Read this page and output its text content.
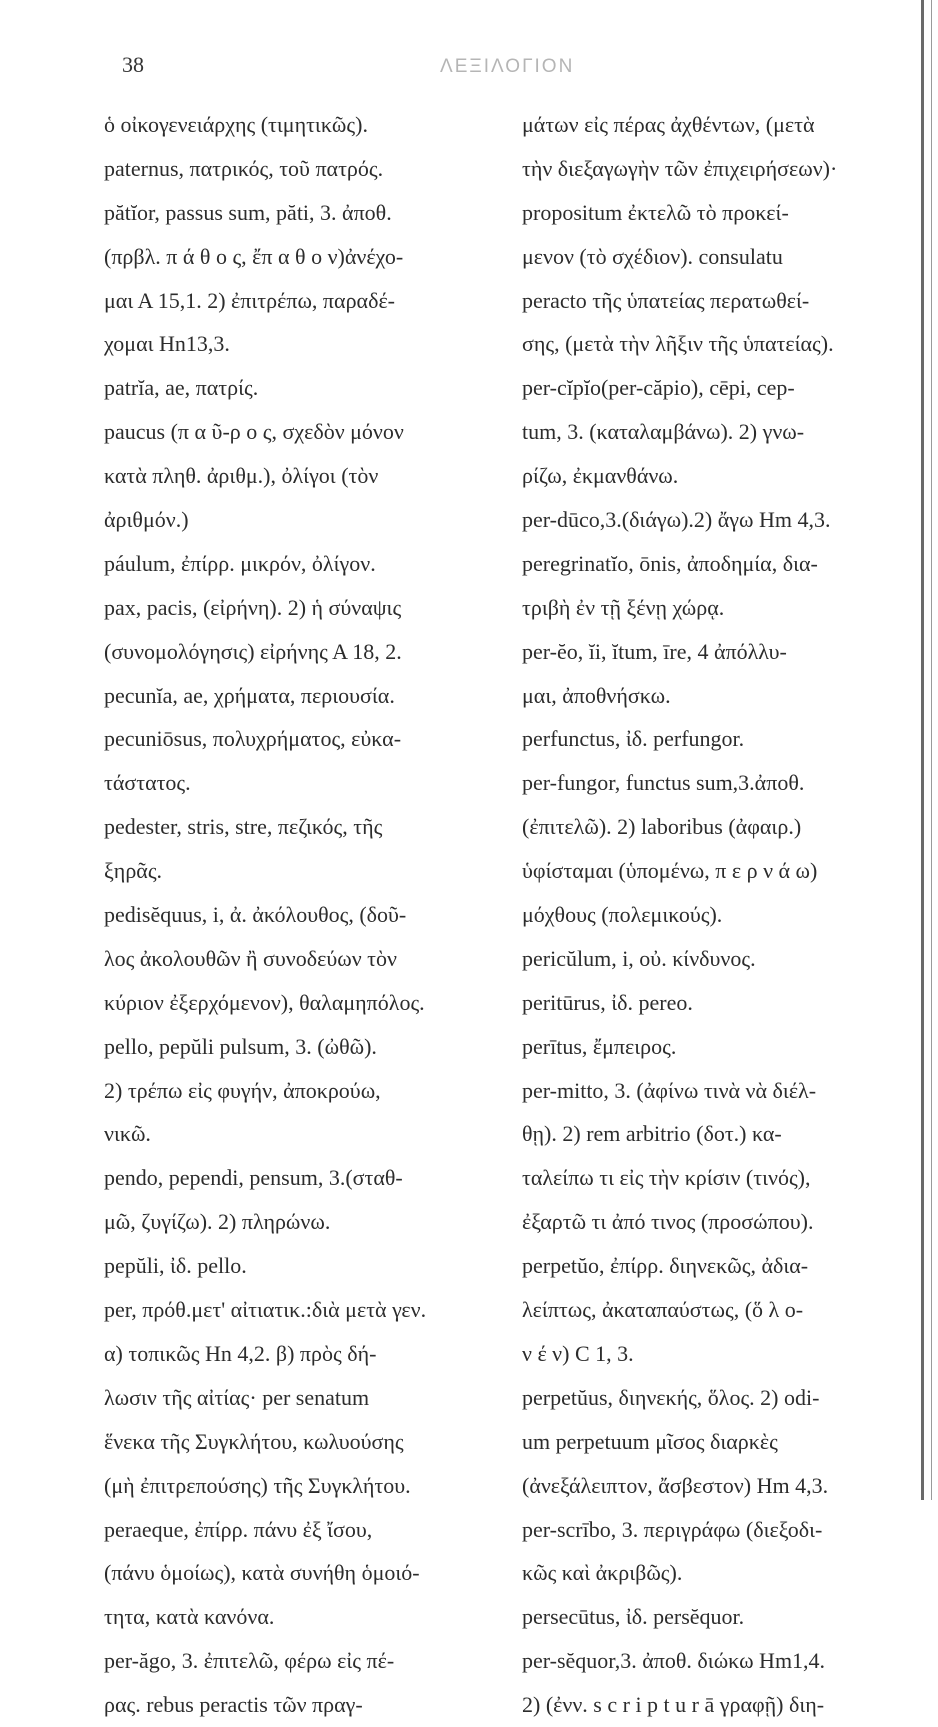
38	ΛΕΞΙΛΟΓΙΟΝ
ὁ οἰκογενειάρχης (τιμητικῶς).
paternus, πατρικός, τοῦ πατρός.
pătĭor, passus sum, păti, 3. ἀποθ.
(πρβλ. π ά θ ο ς, ἔπ α θ ο ν)ἀνέχο-
μαι Α 15,1. 2) ἐπιτρέπω, παραδέ-
χομαι Ηn13,3.
patrĭa, ae, πατρίς.
paucus (π α ῦ-ρ ο ς, σχεδὸν μόνον
κατὰ πληθ. ἀριθμ.), ὀλίγοι (τὸν
ἀριθμόν.)
páulum, ἐπίρρ. μικρόν, ὀλίγον.
pax, pacis, (εἰρήνη). 2) ἡ σύναψις
(συνομολόγησις) εἰρήνης Α 18, 2.
pecunĭa, ae, χρήματα, περιουσία.
pecuniōsus, πολυχρήματος, εὐκα-
τάστατος.
pedester, stris, stre, πεζικός, τῆς
ξηρᾶς.
pedisĕquus, i, ἀ. ἀκόλουθος, (δοῦ-
λος ἀκολουθῶν ἢ συνοδεύων τὸν
κύριον ἐξερχόμενον), θαλαμηπόλος.
pello, pepŭli pulsum, 3. (ὠθῶ).
2) τρέπω εἰς φυγήν, ἀποκρούω,
νικῶ.
pendo, pependi, pensum, 3.(σταθ-
μῶ, ζυγίζω). 2) πληρώνω.
pepŭli, ἰδ. pello.
per, πρόθ.μετ' αἰτιατικ.:διὰ μετὰ γεν.
α) τοπικῶς Ηn 4,2. β) πρὸς δή-
λωσιν τῆς αἰτίας· per senatum
ἕνεκα τῆς Συγκλήτου, κωλυούσης
(μὴ ἐπιτρεπούσης) τῆς Συγκλήτου.
peraeque, ἐπίρρ. πάνυ ἐξ ἴσου,
(πάνυ ὁμοίως), κατὰ συνήθη ὁμοιό-
τητα, κατὰ κανόνα.
per-ăgo, 3. ἐπιτελῶ, φέρω εἰς πέ-
ρας. rebus peractis τῶν πραγ-
μάτων εἰς πέρας ἀχθέντων, (μετὰ
τὴν διεξαγωγὴν τῶν ἐπιχειρήσεων)·
propositum ἐκτελῶ τὸ προκεί-
μενον (τὸ σχέδιον). consulatu
peracto τῆς ὑπατείας περατωθεί-
σης, (μετὰ τὴν λῆξιν τῆς ὑπατείας).
per-cĭpĭo(per-căpio), cēpi, cep-
tum, 3. (καταλαμβάνω). 2) γνω-
ρίζω, ἐκμανθάνω.
per-dūco,3.(διάγω).2) ἄγω Ηm 4,3.
peregrinatĭo, ōnis, ἀποδημία, δια-
τριβὴ ἐν τῇ ξένῃ χώρᾳ.
per-ĕo, ĭi, ĭtum, īre, 4 ἀπόλλυ-
μαι, ἀποθνήσκω.
perfunctus, ἰδ. perfungor.
per-fungor, functus sum,3.ἀποθ.
(ἐπιτελῶ). 2) laboribus (ἀφαιρ.)
ὑφίσταμαι (ὑπομένω, π ε ρ ν ά ω)
μόχθους (πολεμικούς).
pericŭlum, i, οὐ. κίνδυνος.
peritūrus, ἰδ. pereo.
perītus, ἔμπειρος.
per-mitto, 3. (ἀφίνω τινὰ νὰ διέλ-
θῃ). 2) rem arbitrio (δοτ.) κα-
ταλείπω τι εἰς τὴν κρίσιν (τινός),
ἐξαρτῶ τι ἀπό τινος (προσώπου).
perpetŭo, ἐπίρρ. διηνεκῶς, ἀδια-
λείπτως, ἀκαταπαύστως, (ὅ λ ο-
ν έ ν) C 1, 3.
perpetŭus, διηνεκής, ὅλος. 2) odi-
um perpetuum μῖσος διαρκὲς
(ἀνεξάλειπτον, ἄσβεστον) Ηm 4,3.
per-scrībo, 3. περιγράφω (διεξοδι-
κῶς καὶ ἀκριβῶς).
persecūtus, ἰδ. persĕquor.
per-sĕquor,3. ἀποθ. διώκω Ηm1,4.
2) (ἐνν. s c r i p t u r ā γραφῇ) διη-
